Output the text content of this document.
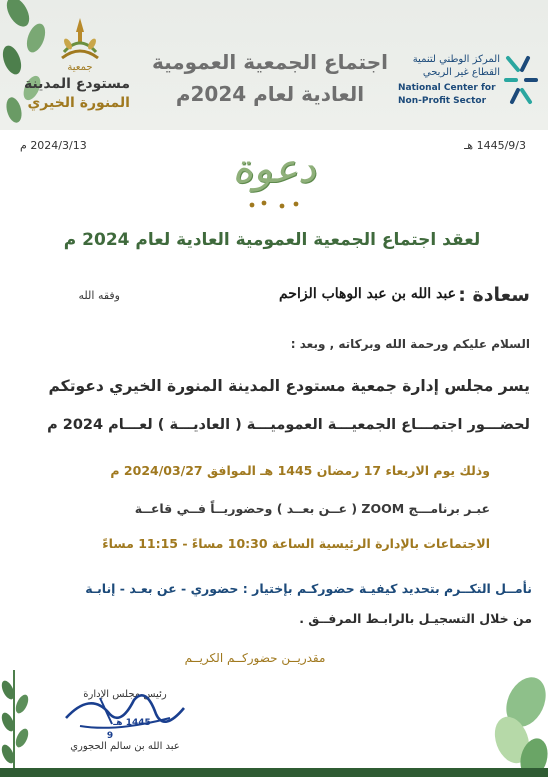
جمعية
مستودع المدينة
المنورة الخيري
اجتماع الجمعية العمومية
العادية لعام 2024م
المركز الوطني لتنمية
القطاع غير الربحي
National Center for
Non-Profit Sector
2024/3/13 م	1445/9/3 هـ
دعوة
لعقد اجتماع الجمعية العمومية العادية لعام 2024 م
سعادة :
عبد الله بن عبد الوهاب الزاحم
وفقه الله
السلام عليكم ورحمة الله وبركاته , وبعد :
يسر مجلس إدارة جمعية مستودع المدينة المنورة الخيري دعوتكم
لحضـــور اجتمـــاع الجمعيـــة العموميـــة ( العاديـــة ) لعـــام 2024 م
وذلك يوم الاربعاء 17 رمضان 1445 هـ الموافق 2024/03/27 م
عبـر برنامـــج ZOOM ( عــن بعــد ) وحضوريــاً فــي قاعــة
الاجتماعات بالإدارة الرئيسية الساعة 10:30 مساءً - 11:15 مساءً
نأمــل التكــرم بتحديد كيفيـة حضوركـم بإختيار : حضوري - عن بعـد - إنابـة
من خلال التسجيـل بالرابـط المرفــق .
مقدريــن حضوركــم الكريــم
رئيس مجلس الإدارة
1445 هـ
9
عبد الله بن سالم الحجوري
